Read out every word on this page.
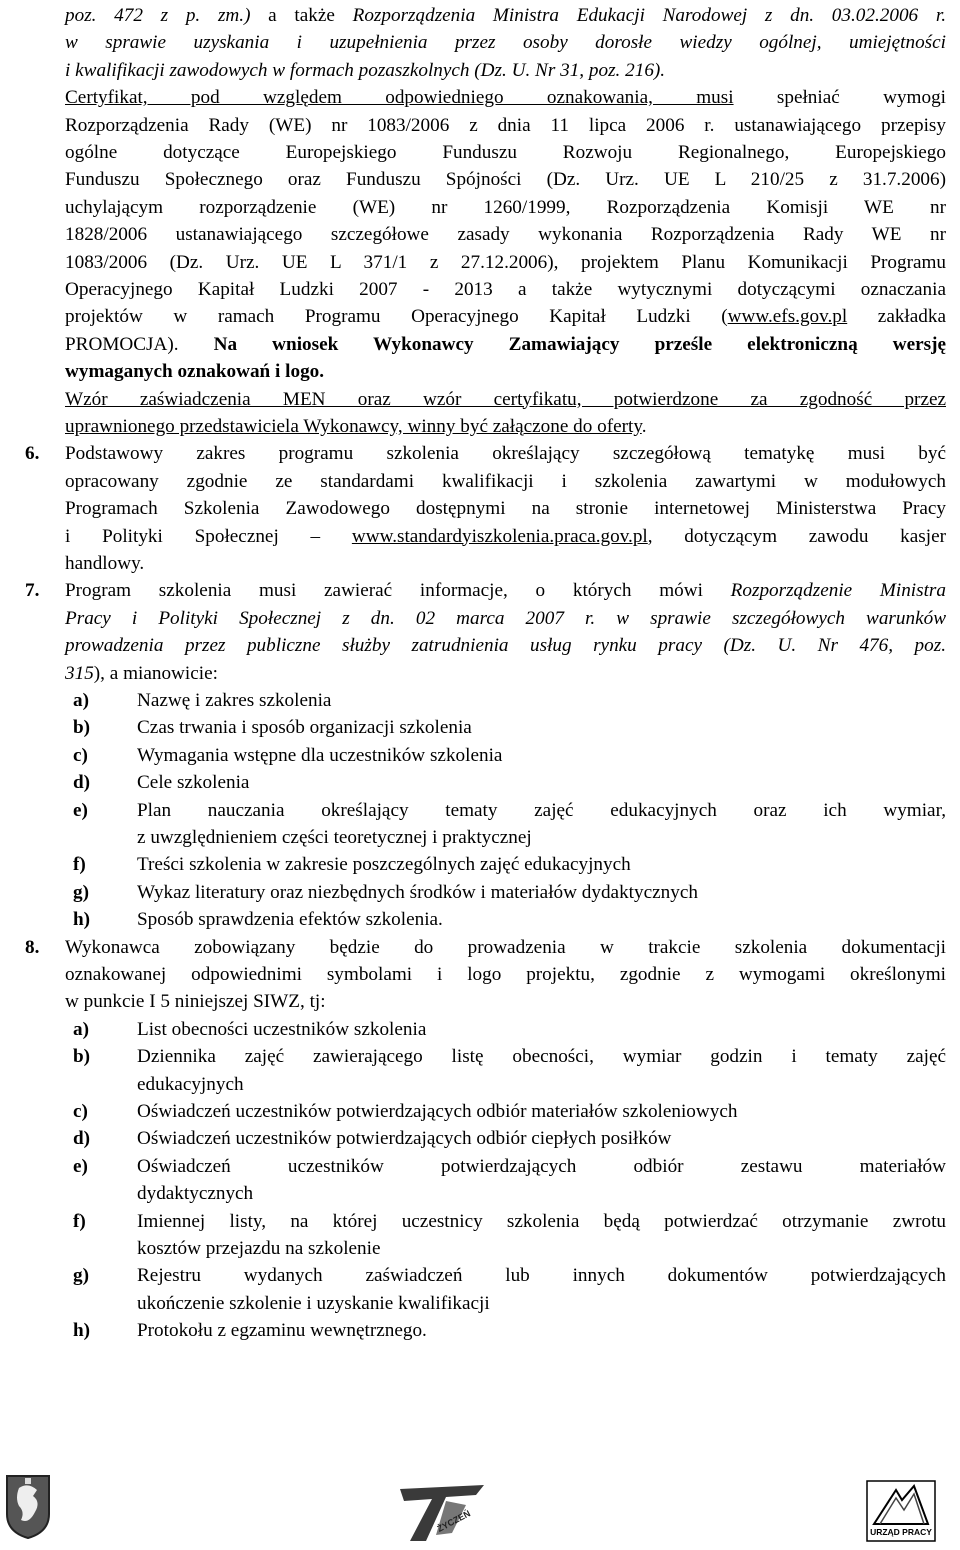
poz. 472 z p. zm.) a także Rozporządzenia Ministra Edukacji Narodowej z dn. 03.02.2006 r.
w sprawie uzyskania i uzupełnienia przez osoby dorosłe wiedzy ogólnej, umiejętności
i kwalifikacji zawodowych w formach pozaszkolnych (Dz. U. Nr 31, poz. 216).
Certyfikat, pod względem odpowiedniego oznakowania, musi spełniać wymogi
Rozporządzenia Rady (WE) nr 1083/2006 z dnia 11 lipca 2006 r. ustanawiającego przepisy
ogólne dotyczące Europejskiego Funduszu Rozwoju Regionalnego, Europejskiego
Funduszu Społecznego oraz Funduszu Spójności (Dz. Urz. UE L 210/25 z 31.7.2006)
uchylającym rozporządzenie (WE) nr 1260/1999, Rozporządzenia Komisji WE nr
1828/2006 ustanawiającego szczegółowe zasady wykonania Rozporządzenia Rady WE nr
1083/2006 (Dz. Urz. UE L 371/1 z 27.12.2006), projektem Planu Komunikacji Programu
Operacyjnego Kapitał Ludzki 2007 - 2013 a także wytycznymi dotyczącymi oznaczania
projektów w ramach Programu Operacyjnego Kapitał Ludzki (www.efs.gov.pl zakładka
PROMOCJA). Na wniosek Wykonawcy Zamawiający prześle elektroniczną wersję
wymaganych oznakowań i logo.
Wzór zaświadczenia MEN oraz wzór certyfikatu, potwierdzone za zgodność przez
uprawnionego przedstawiciela Wykonawcy, winny być załączone do oferty.
6. Podstawowy zakres programu szkolenia określający szczegółową tematykę musi być
opracowany zgodnie ze standardami kwalifikacji i szkolenia zawartymi w modułowych
Programach Szkolenia Zawodowego dostępnymi na stronie internetowej Ministerstwa Pracy
i Polityki Społecznej – www.standardyiszkolenia.praca.gov.pl, dotyczącym zawodu kasjer
handlowy.
7. Program szkolenia musi zawierać informacje, o których mówi Rozporządzenie Ministra
Pracy i Polityki Społecznej z dn. 02 marca 2007 r. w sprawie szczegółowych warunków
prowadzenia przez publiczne służby zatrudnienia usług rynku pracy (Dz. U. Nr 476, poz.
315), a mianowicie:
a)	Nazwę i zakres szkolenia
b) Czas trwania i sposób organizacji szkolenia
c)	Wymagania wstępne dla uczestników szkolenia
d) Cele szkolenia
e)	Plan nauczania określający tematy zajęć edukacyjnych oraz ich wymiar,
z uwzględnieniem części teoretycznej i praktycznej
f)	Treści szkolenia w zakresie poszczególnych zajęć edukacyjnych
g)	Wykaz literatury oraz niezbędnych środków i materiałów dydaktycznych
h) Sposób sprawdzenia efektów szkolenia.
8. Wykonawca zobowiązany będzie do prowadzenia w trakcie szkolenia dokumentacji
oznakowanej odpowiednimi symbolami i logo projektu, zgodnie z wymogami określonymi
w punkcie I 5 niniejszej SIWZ, tj:
a)	List obecności uczestników szkolenia
b) Dziennika zajęć zawierającego listę obecności, wymiar godzin i tematy zajęć
edukacyjnych
c)	Oświadczeń uczestników potwierdzających odbiór materiałów szkoleniowych
d) Oświadczeń uczestników potwierdzających odbiór ciepłych posiłków
e)	Oświadczeń uczestników potwierdzających odbiór zestawu materiałów
dydaktycznych
f)	Imiennej listy, na której uczestnicy szkolenia będą potwierdzać otrzymanie zwrotu
kosztów przejazdu na szkolenie
g)	Rejestru wydanych zaświadczeń lub innych dokumentów potwierdzających
ukończenie szkolenie i uzyskanie kwalifikacji
h) Protokołu z egzaminu wewnętrznego.
ŻYCZEŃ	URZĄD PRACY
